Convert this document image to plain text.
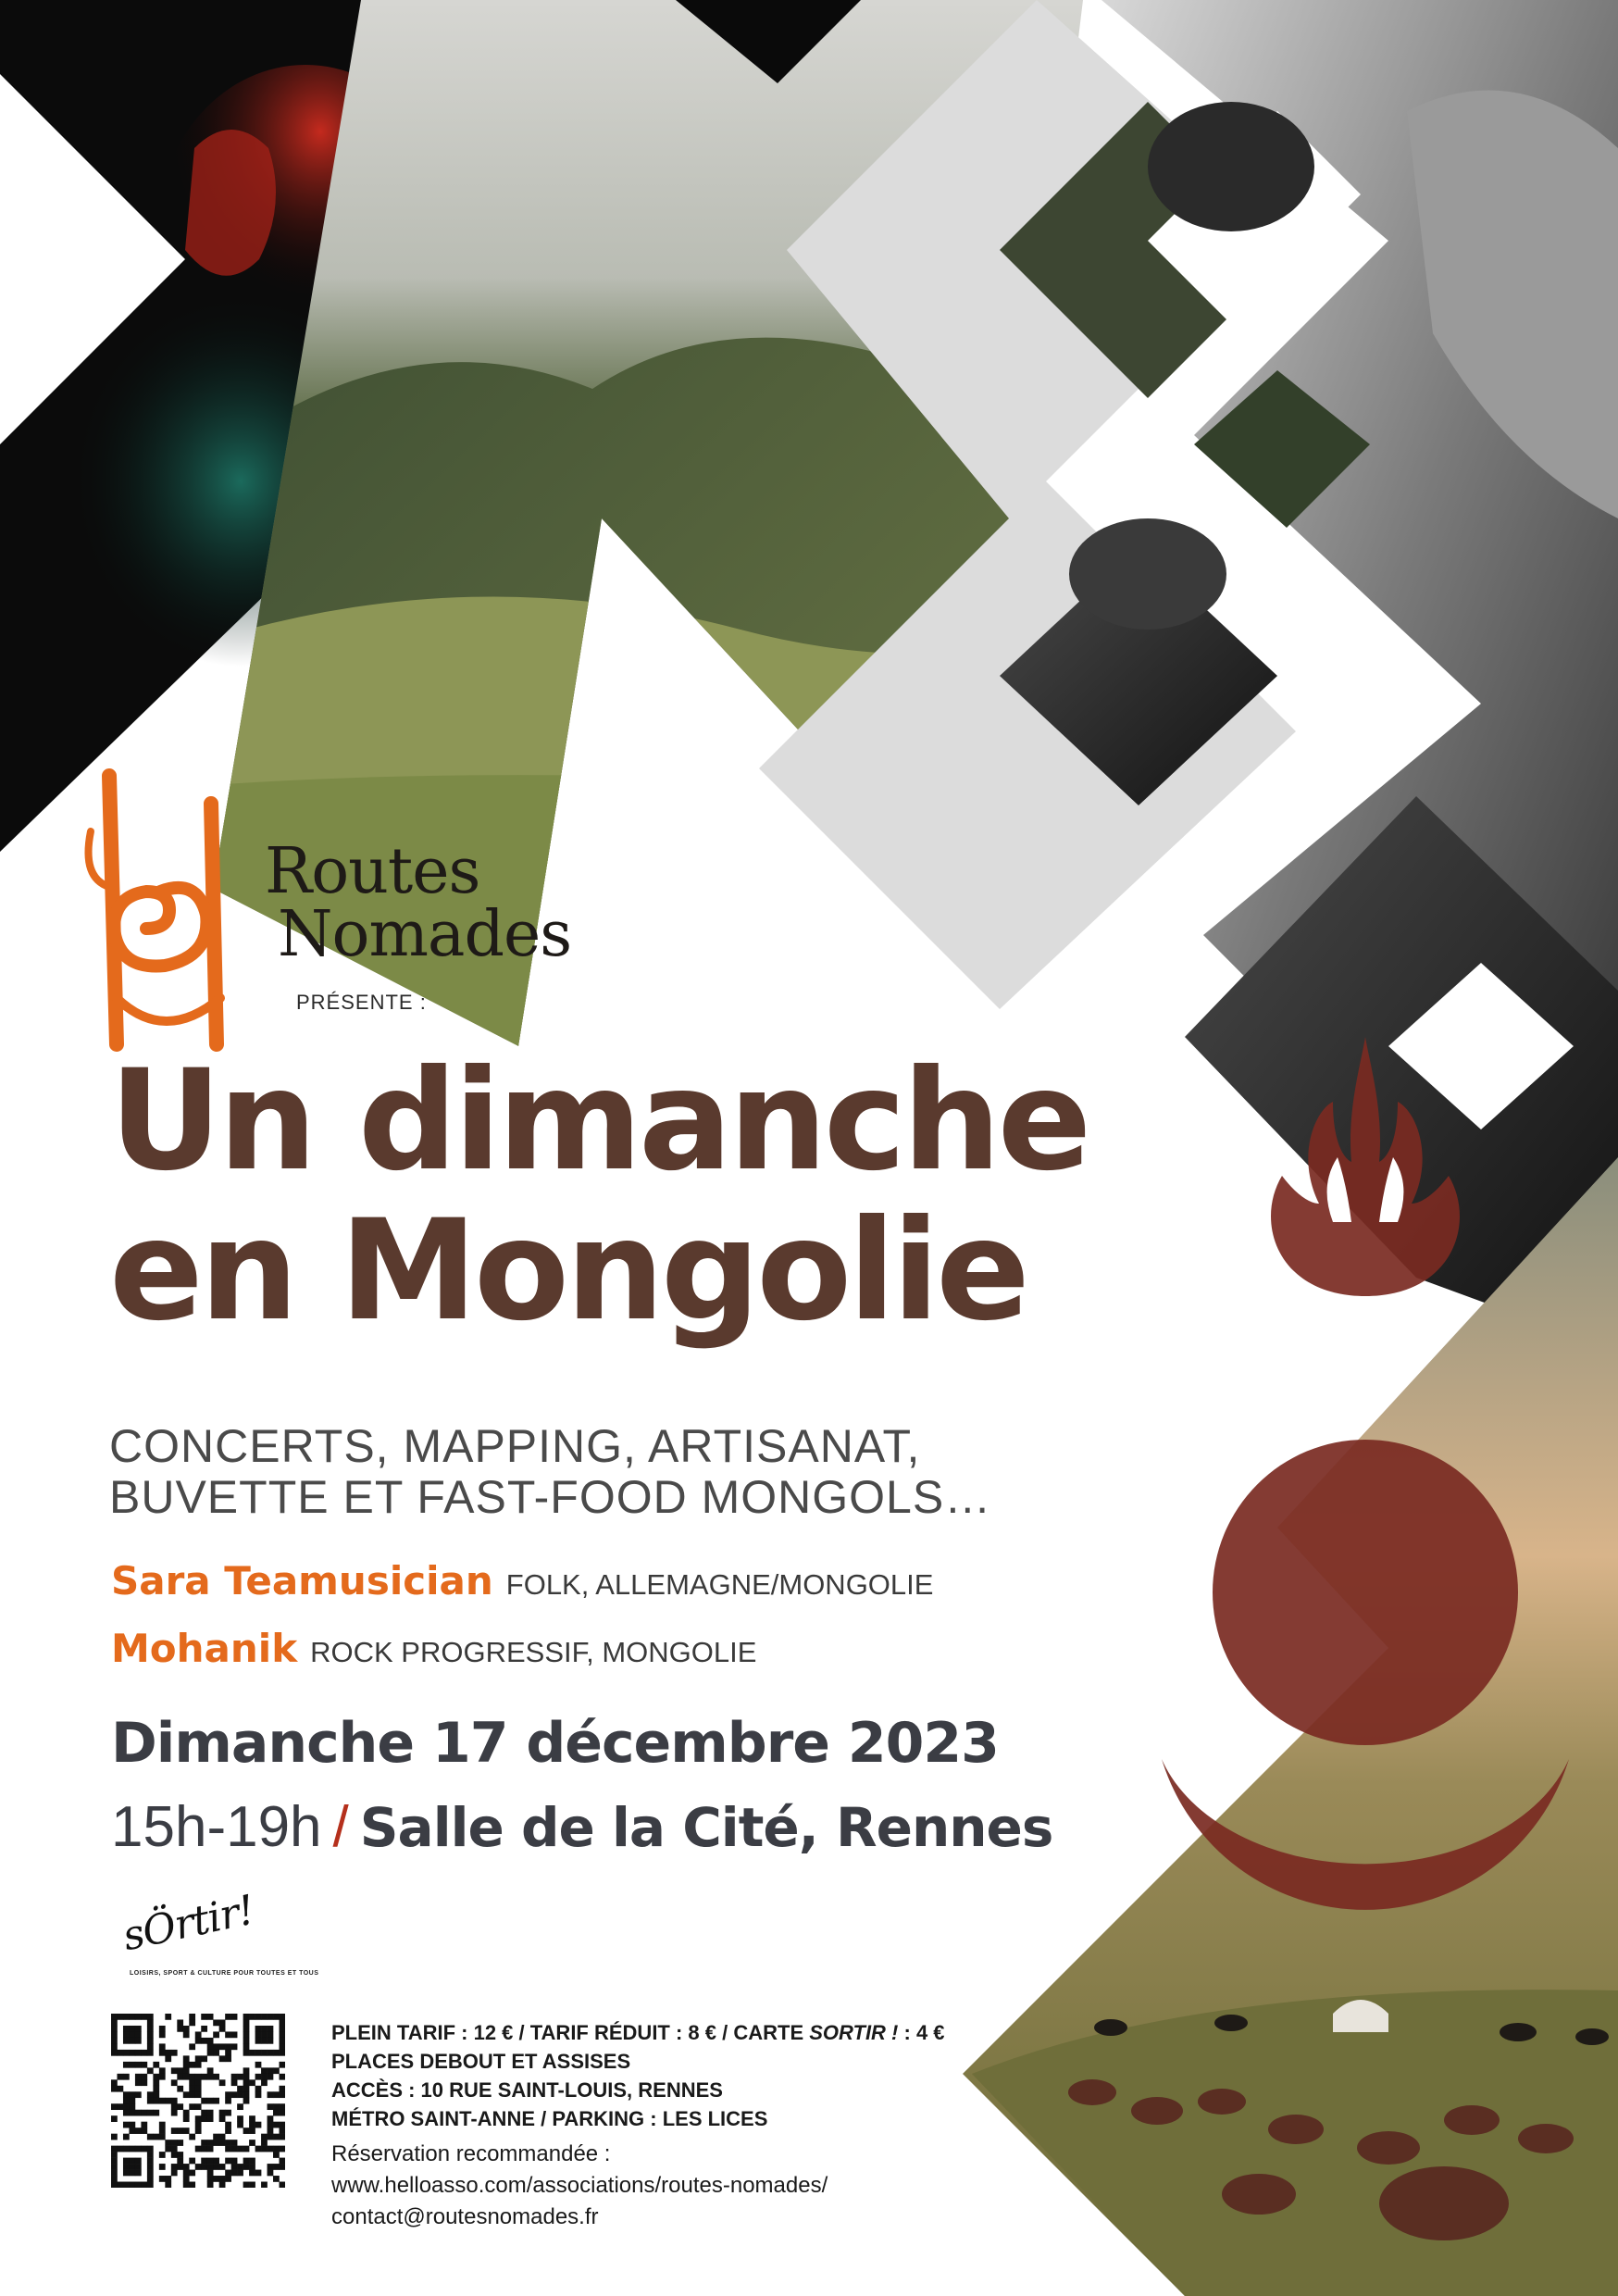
Routes
Nomades
PRÉSENTE :
Un dimanche
en Mongolie
CONCERTS, MAPPING, ARTISANAT,
BUVETTE ET FAST-FOOD MONGOLS…
Sara Teamusician FOLK, ALLEMAGNE/MONGOLIE
Mohanik ROCK PROGRESSIF, MONGOLIE
Dimanche 17 décembre 2023
15h-19h / Salle de la Cité, Rennes
sÖrtir!
LOISIRS, SPORT & CULTURE POUR TOUTES ET TOUS
PLEIN TARIF : 12 € / TARIF RÉDUIT : 8 € / CARTE SORTIR ! : 4 €
PLACES DEBOUT ET ASSISES
ACCÈS : 10 RUE SAINT-LOUIS, RENNES
MÉTRO SAINT-ANNE / PARKING : LES LICES
Réservation recommandée :
www.helloasso.com/associations/routes-nomades/
contact@routesnomades.fr
